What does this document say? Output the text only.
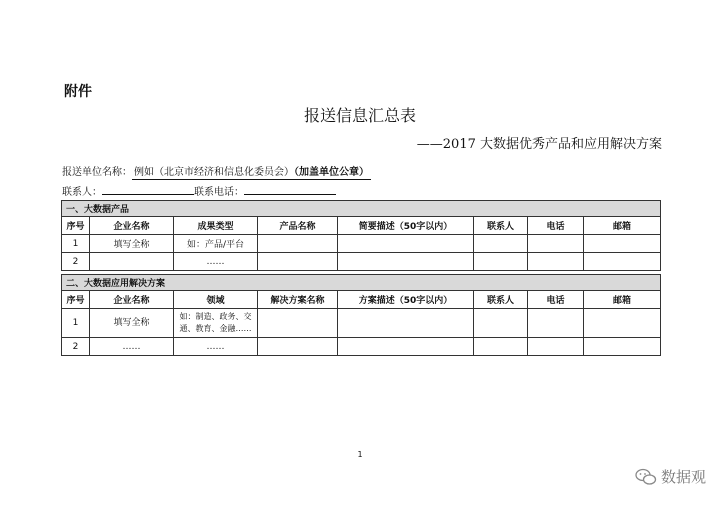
附件
报送信息汇总表
——2017 大数据优秀产品和应用解决方案
报送单位名称： 例如（北京市经济和信息化委员会）（加盖单位公章）
联系人：	联系电话：
一、大数据产品							
序号	企业名称	成果类型	产品名称	简要描述（50字以内）	联系人	电话	邮箱
1	填写全称	如：产品/平台					
2		……					
二、大数据应用解决方案							
序号	企业名称	领域	解决方案名称	方案描述（50字以内）	联系人	电话	邮箱
1	填写全称	如：制造、政务、交通、教育、金融……					
2	……	……					
1
数据观
